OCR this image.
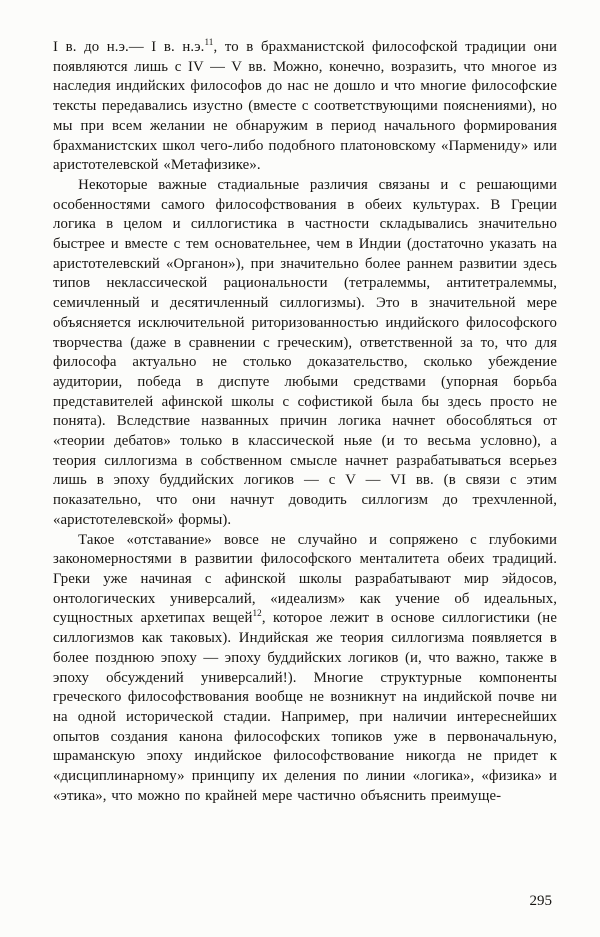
I в. до н.э.— I в. н.э.$^{11}$, то в брахманистской философской традиции они появляются лишь с IV — V вв. Можно, конечно, возразить, что многое из наследия индийских философов до нас не дошло и что многие философские тексты передавались изустно (вместе с соответствующими пояснениями), но мы при всем желании не обнаружим в период начального формирования брахманистских школ чего-либо подобного платоновскому «Пармениду» или аристотелевской «Метафизике».

Некоторые важные стадиальные различия связаны и с решающими особенностями самого философствования в обеих культурах. В Греции логика в целом и силлогистика в частности складывались значительно быстрее и вместе с тем основательнее, чем в Индии (достаточно указать на аристотелевский «Органон»), при значительно более раннем развитии здесь типов неклассической рациональности (тетралеммы, антитетралеммы, семичленный и десятичленный силлогизмы). Это в значительной мере объясняется исключительной риторизованностью индийского философского творчества (даже в сравнении с греческим), ответственной за то, что для философа актуально не столько доказательство, сколько убеждение аудитории, победа в диспуте любыми средствами (упорная борьба представителей афинской школы с софистикой была бы здесь просто не понята). Вследствие названных причин логика начнет обособляться от «теории дебатов» только в классической ньяе (и то весьма условно), а теория силлогизма в собственном смысле начнет разрабатываться всерьез лишь в эпоху буддийских логиков — с V — VI вв. (в связи с этим показательно, что они начнут доводить силлогизм до трехчленной, «аристотелевской» формы).

Такое «отставание» вовсе не случайно и сопряжено с глубокими закономерностями в развитии философского менталитета обеих традиций. Греки уже начиная с афинской школы разрабатывают мир эйдосов, онтологических универсалий, «идеализм» как учение об идеальных, сущностных архетипах вещей$^{12}$, которое лежит в основе силлогистики (не силлогизмов как таковых). Индийская же теория силлогизма появляется в более позднюю эпоху — эпоху буддийских логиков (и, что важно, также в эпоху обсуждений универсалий!). Многие структурные компоненты греческого философствования вообще не возникнут на индийской почве ни на одной исторической стадии. Например, при наличии интереснейших опытов создания канона философских топиков уже в первоначальную, шраманскую эпоху индийское философствование никогда не придет к «дисциплинарному» принципу их деления по линии «логика», «физика» и «этика», что можно по крайней мере частично объяснить преимуще-

295
